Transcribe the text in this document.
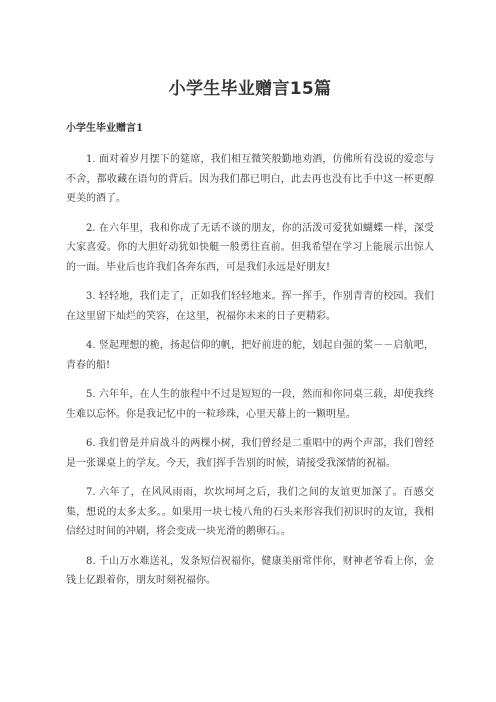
小学生毕业赠言15篇
小学生毕业赠言1

1. 面对着岁月摆下的筵席，我们相互微笑般勤地劝酒，仿佛所有没说的爱恋与不舍，都收藏在语句的背后。因为我们都已明白，此去再也没有比手中这一杯更醇更美的酒了。

2. 在六年里，我和你成了无话不谈的朋友，你的活泼可爱犹如蝴蝶一样，深受大家喜爱。你的大胆好动犹如快艇一般勇往直前。但我希望在学习上能展示出惊人的一面。毕业后也许我们各奔东西，可是我们永远是好朋友!

3. 轻轻地，我们走了，正如我们轻轻地来。挥一挥手，作别青青的校园。我们在这里留下灿烂的笑容，在这里，祝福你未来的日子更精彩。

4. 竖起理想的桅，扬起信仰的帆，把好前进的舵，划起自强的桨－－启航吧，青春的船!

5. 六年年，在人生的旅程中不过是短短的一段，然而和你同桌三载，却使我终生难以忘怀。你是我记忆中的一粒珍珠，心里天幕上的一颗明星。

6. 我们曾是并肩战斗的两棵小树，我们曾经是二重唱中的两个声部，我们曾经是一张课桌上的学友。今天，我们挥手告别的时候，请接受我深情的祝福。

7. 六年了，在风风雨雨，坎坎坷坷之后，我们之间的友谊更加深了。百感交集，想说的太多太多。。如果用一块七棱八角的石头来形容我们初识时的友谊，我相信经过时间的冲刷，将会变成一块光滑的鹅卵石。。

8. 千山万水难送礼，发条短信祝福你，健康美丽常伴你，财神老爷看上你，金钱上亿跟着你，朋友时刻祝福你。
